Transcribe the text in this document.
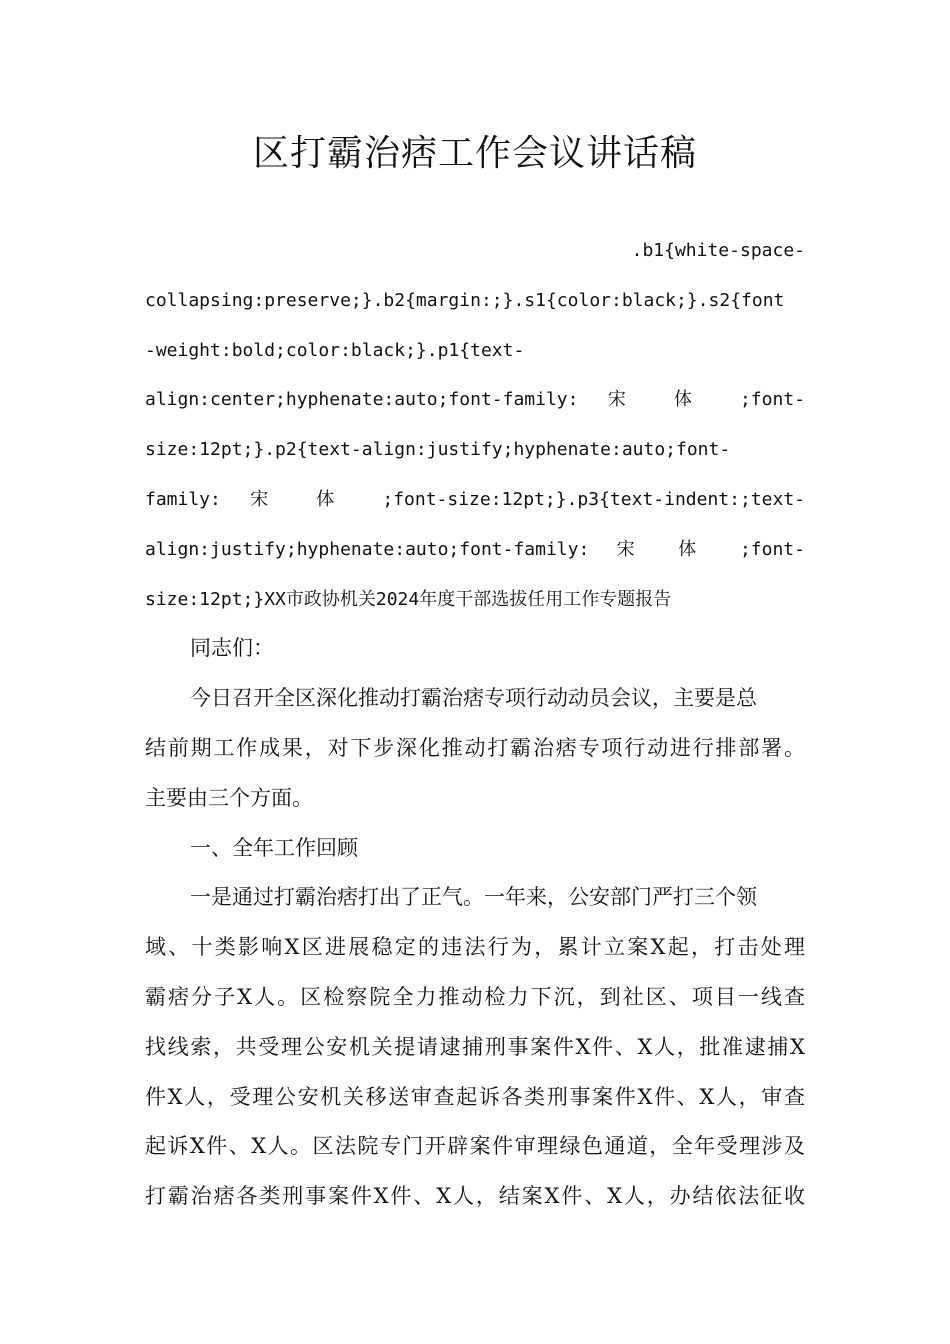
区打霸治痞工作会议讲话稿
.b1{white-space-
collapsing:preserve;}.b2{margin:;}.s1{color:black;}.s2{font
-weight:bold;color:black;}.p1{text-
align:center;hyphenate:auto;font-family: 宋 体 ;font-
size:12pt;}.p2{text-align:justify;hyphenate:auto;font-
family: 宋 体 ;font-size:12pt;}.p3{text-indent:;text-
align:justify;hyphenate:auto;font-family: 宋 体 ;font-
size:12pt;}XX市政协机关2024年度干部选拔任用工作专题报告
同志们：
今日召开全区深化推动打霸治痞专项行动动员会议，主要是总
结前期工作成果，对下步深化推动打霸治痞专项行动进行排部署。
主要由三个方面。
一、全年工作回顾
一是通过打霸治痞打出了正气。一年来，公安部门严打三个领
域、十类影响X区进展稳定的违法行为，累计立案X起，打击处理
霸痞分子X人。区检察院全力推动检力下沉，到社区、项目一线查
找线索，共受理公安机关提请逮捕刑事案件X件、X人，批准逮捕X
件X人，受理公安机关移送审查起诉各类刑事案件X件、X人，审查
起诉X件、X人。区法院专门开辟案件审理绿色通道，全年受理涉及
打霸治痞各类刑事案件X件、X人，结案X件、X人，办结依法征收
